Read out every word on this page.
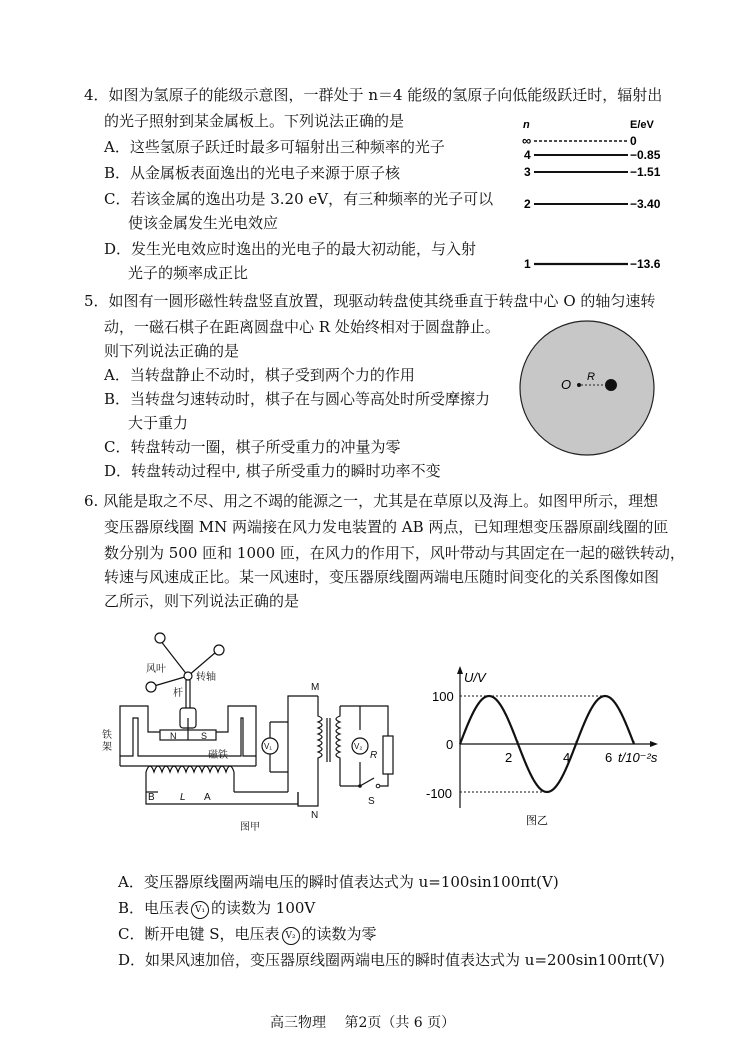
4．如图为氢原子的能级示意图，一群处于 n＝4 能级的氢原子向低能级跃迁时，辐射出
的光子照射到某金属板上。下列说法正确的是
A．这些氢原子跃迁时最多可辐射出三种频率的光子
B．从金属板表面逸出的光电子来源于原子核
C．若该金属的逸出功是 3.20 eV，有三种频率的光子可以
使该金属发生光电效应
D．发生光电效应时逸出的光电子的最大初动能，与入射
光子的频率成正比
n	E/eV
∞	0
4	−0.85
3	−1.51
2	−3.40
1	−13.6
5．如图有一圆形磁性转盘竖直放置，现驱动转盘使其绕垂直于转盘中心 O 的轴匀速转
动，一磁石棋子在距离圆盘中心 R 处始终相对于圆盘静止。
则下列说法正确的是
A．当转盘静止不动时，棋子受到两个力的作用
B．当转盘匀速转动时，棋子在与圆心等高处时所受摩擦力
大于重力
C．转盘转动一圈，棋子所受重力的冲量为零
D．转盘转动过程中, 棋子所受重力的瞬时功率不变
O R
6. 风能是取之不尽、用之不竭的能源之一，尤其是在草原以及海上。如图甲所示，理想
变压器原线圈 MN 两端接在风力发电装置的 AB 两点，已知理想变压器原副线圈的匝
数分别为 500 匝和 1000 匝，在风力的作用下，风叶带动与其固定在一起的磁铁转动，
转速与风速成正比。某一风速时，变压器原线圈两端电压随时间变化的关系图像如图
乙所示，则下列说法正确的是
风叶
转轴
杆
铁
架
磁铁
N	S
B	L A
M
N
V₁	V₂
R
S
图甲
U/V
t/10⁻²s
100
0
-100
2	4	6
图乙
A．变压器原线圈两端电压的瞬时值表达式为 u=100sin100πt(V)
B．电压表 V₁ 的读数为 100V
C．断开电键 S，电压表 V₂ 的读数为零
D．如果风速加倍，变压器原线圈两端电压的瞬时值表达式为 u=200sin100πt(V)
高三物理　 第2页（共 6 页）
